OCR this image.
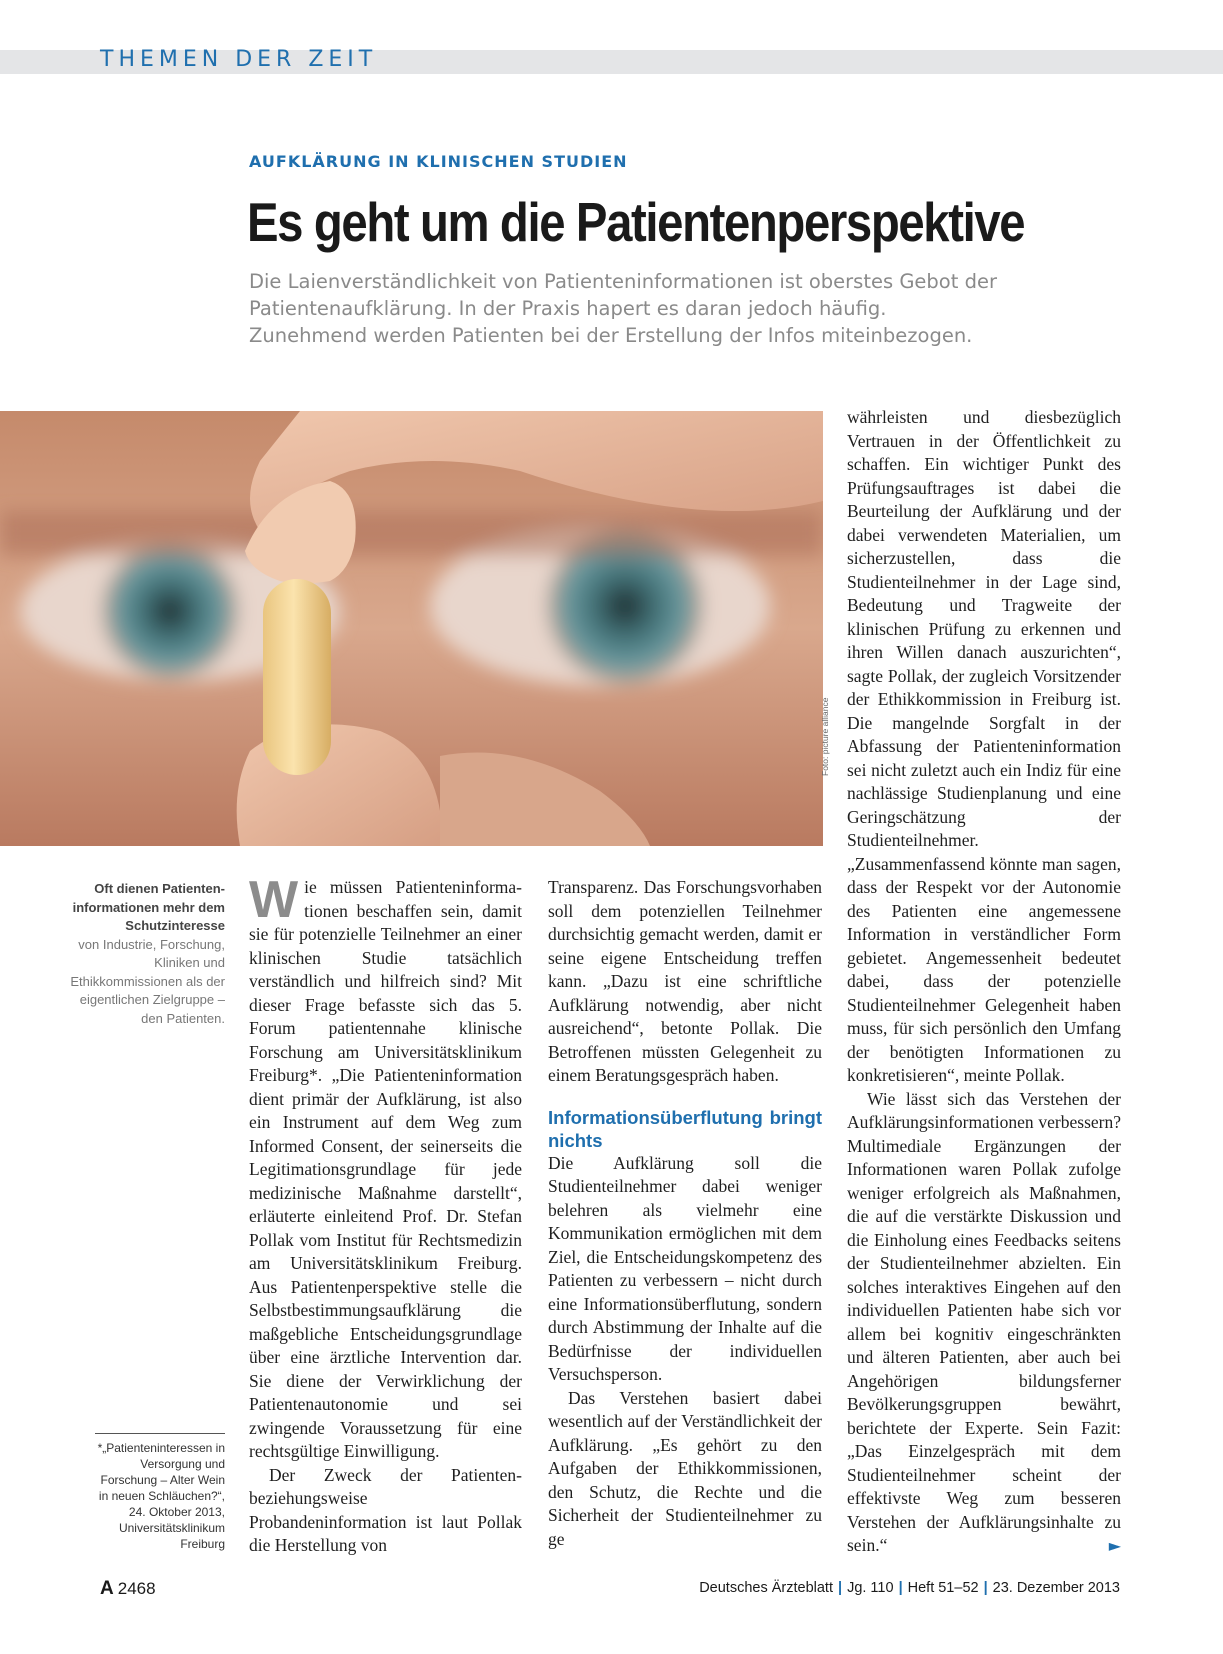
THEMEN DER ZEIT
AUFKLÄRUNG IN KLINISCHEN STUDIEN
Es geht um die Patientenperspektive

Die Laienverständlichkeit von Patienteninformationen ist oberstes Gebot der

Patientenaufklärung. In der Praxis hapert es daran jedoch häufig.

Zunehmend werden Patienten bei der Erstellung der Infos miteinbezogen.

Foto: picture alliance
Oft dienen Patienteninformationen mehr dem Schutzinteresse
von Industrie, Forschung, Kliniken und Ethikkommissionen als der eigentlichen Zielgruppe – den Patienten.
*„Patienteninteressen in Versorgung und Forschung – Alter Wein in neuen Schläuchen?“, 24. Oktober 2013, Universitätsklinikum Freiburg

Wie müssen Patienteninformationen beschaffen sein, damit sie für potenzielle Teilnehmer an einer klinischen Studie tatsächlich verständlich und hilfreich sind? Mit dieser Frage befasste sich das 5. Forum patientennahe klinische Forschung am Universitätsklinikum Freiburg*. „Die Patienteninformation dient primär der Aufklärung, ist also ein Instrument auf dem Weg zum Informed Consent, der seinerseits die Legitimationsgrundlage für jede medizinische Maßnahme darstellt“, erläuterte einleitend Prof. Dr. Stefan Pollak vom Institut für Rechtsmedizin am Universitätsklinikum Freiburg. Aus Patientenperspektive stelle die Selbstbestimmungsaufklärung die maßgebliche Entscheidungsgrundlage über eine ärztliche Intervention dar. Sie diene der Verwirklichung der Patientenautonomie und sei zwingende Voraussetzung für eine rechtsgültige Einwilligung.

Der Zweck der Patienten- beziehungsweise Probandeninformation ist laut Pollak die Herstellung von

Transparenz. Das Forschungsvorhaben soll dem potenziellen Teilnehmer durchsichtig gemacht werden, damit er seine eigene Entscheidung treffen kann. „Dazu ist eine schriftliche Aufklärung notwendig, aber nicht ausreichend“, betonte Pollak. Die Betroffenen müssten Gelegenheit zu einem Beratungsgespräch haben.

Informationsüberflutung bringt nichts

Die Aufklärung soll die Studienteilnehmer dabei weniger belehren als vielmehr eine Kommunikation ermöglichen mit dem Ziel, die Entscheidungskompetenz des Patienten zu verbessern – nicht durch eine Informationsüberflutung, sondern durch Abstimmung der Inhalte auf die Bedürfnisse der individuellen Versuchsperson.

Das Verstehen basiert dabei wesentlich auf der Verständlichkeit der Aufklärung. „Es gehört zu den Aufgaben der Ethikkommissionen, den Schutz, die Rechte und die Sicherheit der Studienteilnehmer zu ge

währleisten und diesbezüglich Vertrauen in der Öffentlichkeit zu schaffen. Ein wichtiger Punkt des Prüfungsauftrages ist dabei die Beurteilung der Aufklärung und der dabei verwendeten Materialien, um sicherzustellen, dass die Studienteilnehmer in der Lage sind, Bedeutung und Tragweite der klinischen Prüfung zu erkennen und ihren Willen danach auszurichten“, sagte Pollak, der zugleich Vorsitzender der Ethikkommission in Freiburg ist. Die mangelnde Sorgfalt in der Abfassung der Patienteninformation sei nicht zuletzt auch ein Indiz für eine nachlässige Studienplanung und eine Geringschätzung der Studienteilnehmer. „Zusammenfassend könnte man sagen, dass der Respekt vor der Autonomie des Patienten eine angemessene Information in verständlicher Form gebietet. Angemessenheit bedeutet dabei, dass der potenzielle Studienteilnehmer Gelegenheit haben muss, für sich persönlich den Umfang der benötigten Informationen zu konkretisieren“, meinte Pollak.

Wie lässt sich das Verstehen der Aufklärungsinformationen verbessern? Multimediale Ergänzungen der Informationen waren Pollak zufolge weniger erfolgreich als Maßnahmen, die auf die verstärkte Diskussion und die Einholung eines Feedbacks seitens der Studienteilnehmer abzielten. Ein solches interaktives Eingehen auf den individuellen Patienten habe sich vor allem bei kognitiv eingeschränkten und älteren Patienten, aber auch bei Angehörigen bildungsferner Bevölkerungsgruppen bewährt, berichtete der Experte. Sein Fazit: „Das Einzelgespräch mit dem Studienteilnehmer scheint der effektivste Weg zum besseren Verstehen der Aufklärungsinhalte zu sein.“	►

A 2468	Deutsches Ärzteblatt | Jg. 110 | Heft 51–52 | 23. Dezember 2013
